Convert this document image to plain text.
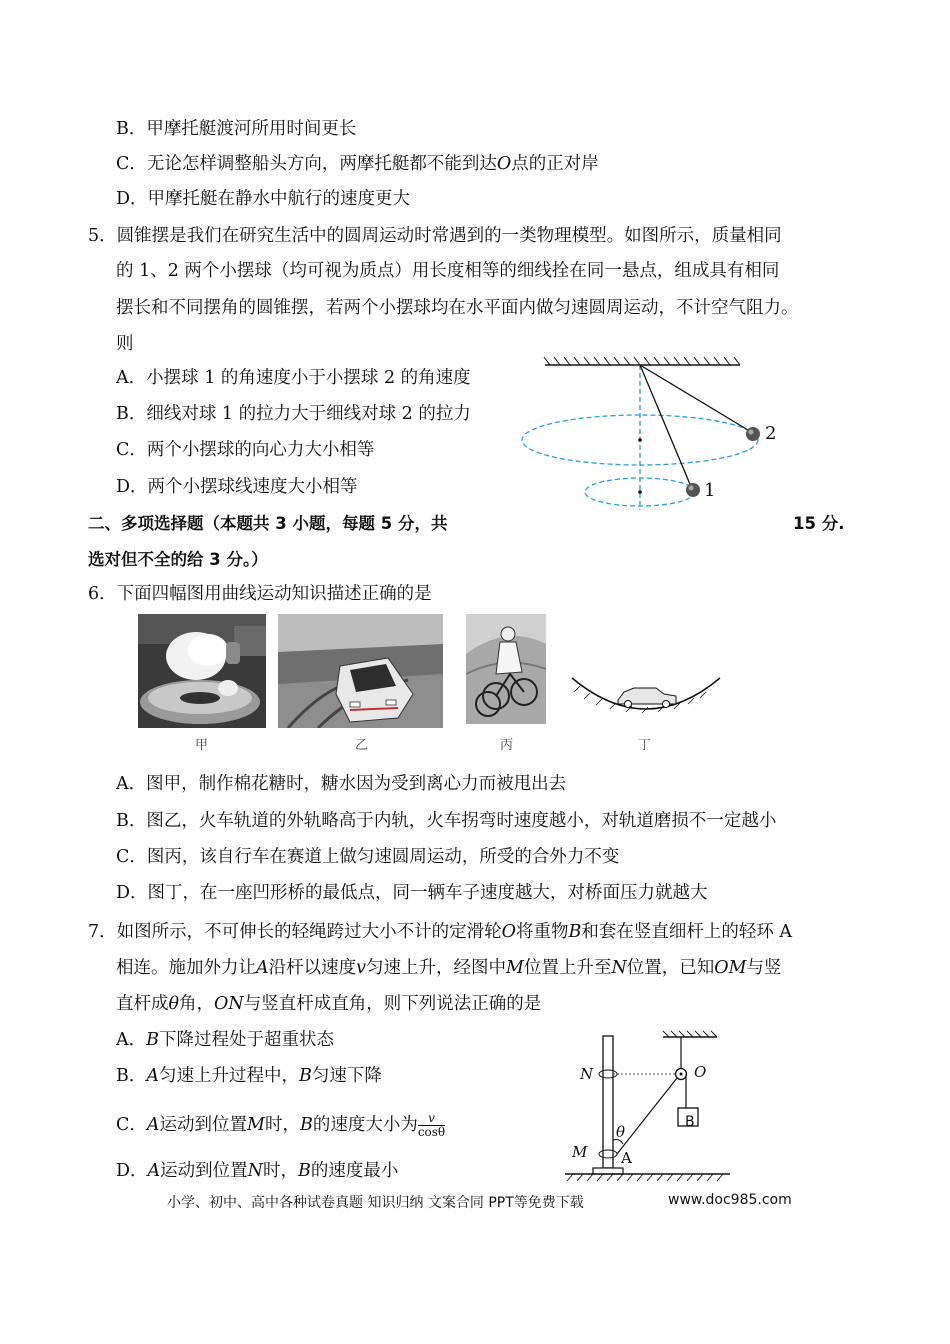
B．甲摩托艇渡河所用时间更长
C．无论怎样调整船头方向，两摩托艇都不能到达O点的正对岸
D．甲摩托艇在静水中航行的速度更大
5．圆锥摆是我们在研究生活中的圆周运动时常遇到的一类物理模型。如图所示，质量相同
的 1、2 两个小摆球（均可视为质点）用长度相等的细线拴在同一悬点，组成具有相同
摆长和不同摆角的圆锥摆，若两个小摆球均在水平面内做匀速圆周运动，不计空气阻力。
则
A．小摆球 1 的角速度小于小摆球 2 的角速度
B．细线对球 1 的拉力大于细线对球 2 的拉力
C．两个小摆球的向心力大小相等
D．两个小摆球线速度大小相等
2
1
二、多项选择题（本题共 3 小题，每题 5 分，共	15 分.
选对但不全的给 3 分。）
6．下面四幅图用曲线运动知识描述正确的是
甲	乙	丙	丁
A．图甲，制作棉花糖时，糖水因为受到离心力而被甩出去
B．图乙，火车轨道的外轨略高于内轨，火车拐弯时速度越小，对轨道磨损不一定越小
C．图丙，该自行车在赛道上做匀速圆周运动，所受的合外力不变
D．图丁，在一座凹形桥的最低点，同一辆车子速度越大，对桥面压力就越大
7．如图所示，不可伸长的轻绳跨过大小不计的定滑轮O将重物B和套在竖直细杆上的轻环 A
相连。施加外力让A沿杆以速度v匀速上升，经图中M位置上升至N位置，已知OM与竖
直杆成θ角，ON与竖直杆成直角，则下列说法正确的是
A．B下降过程处于超重状态
B．A匀速上升过程中，B匀速下降
C．A运动到位置M时，B的速度大小为 $\frac{v}{\cos\theta}$
D．A运动到位置N时，B的速度最小
N	O
B
θ
M A
小学、初中、高中各种试卷真题 知识归纳 文案合同 PPT等免费下载	www.doc985.com
